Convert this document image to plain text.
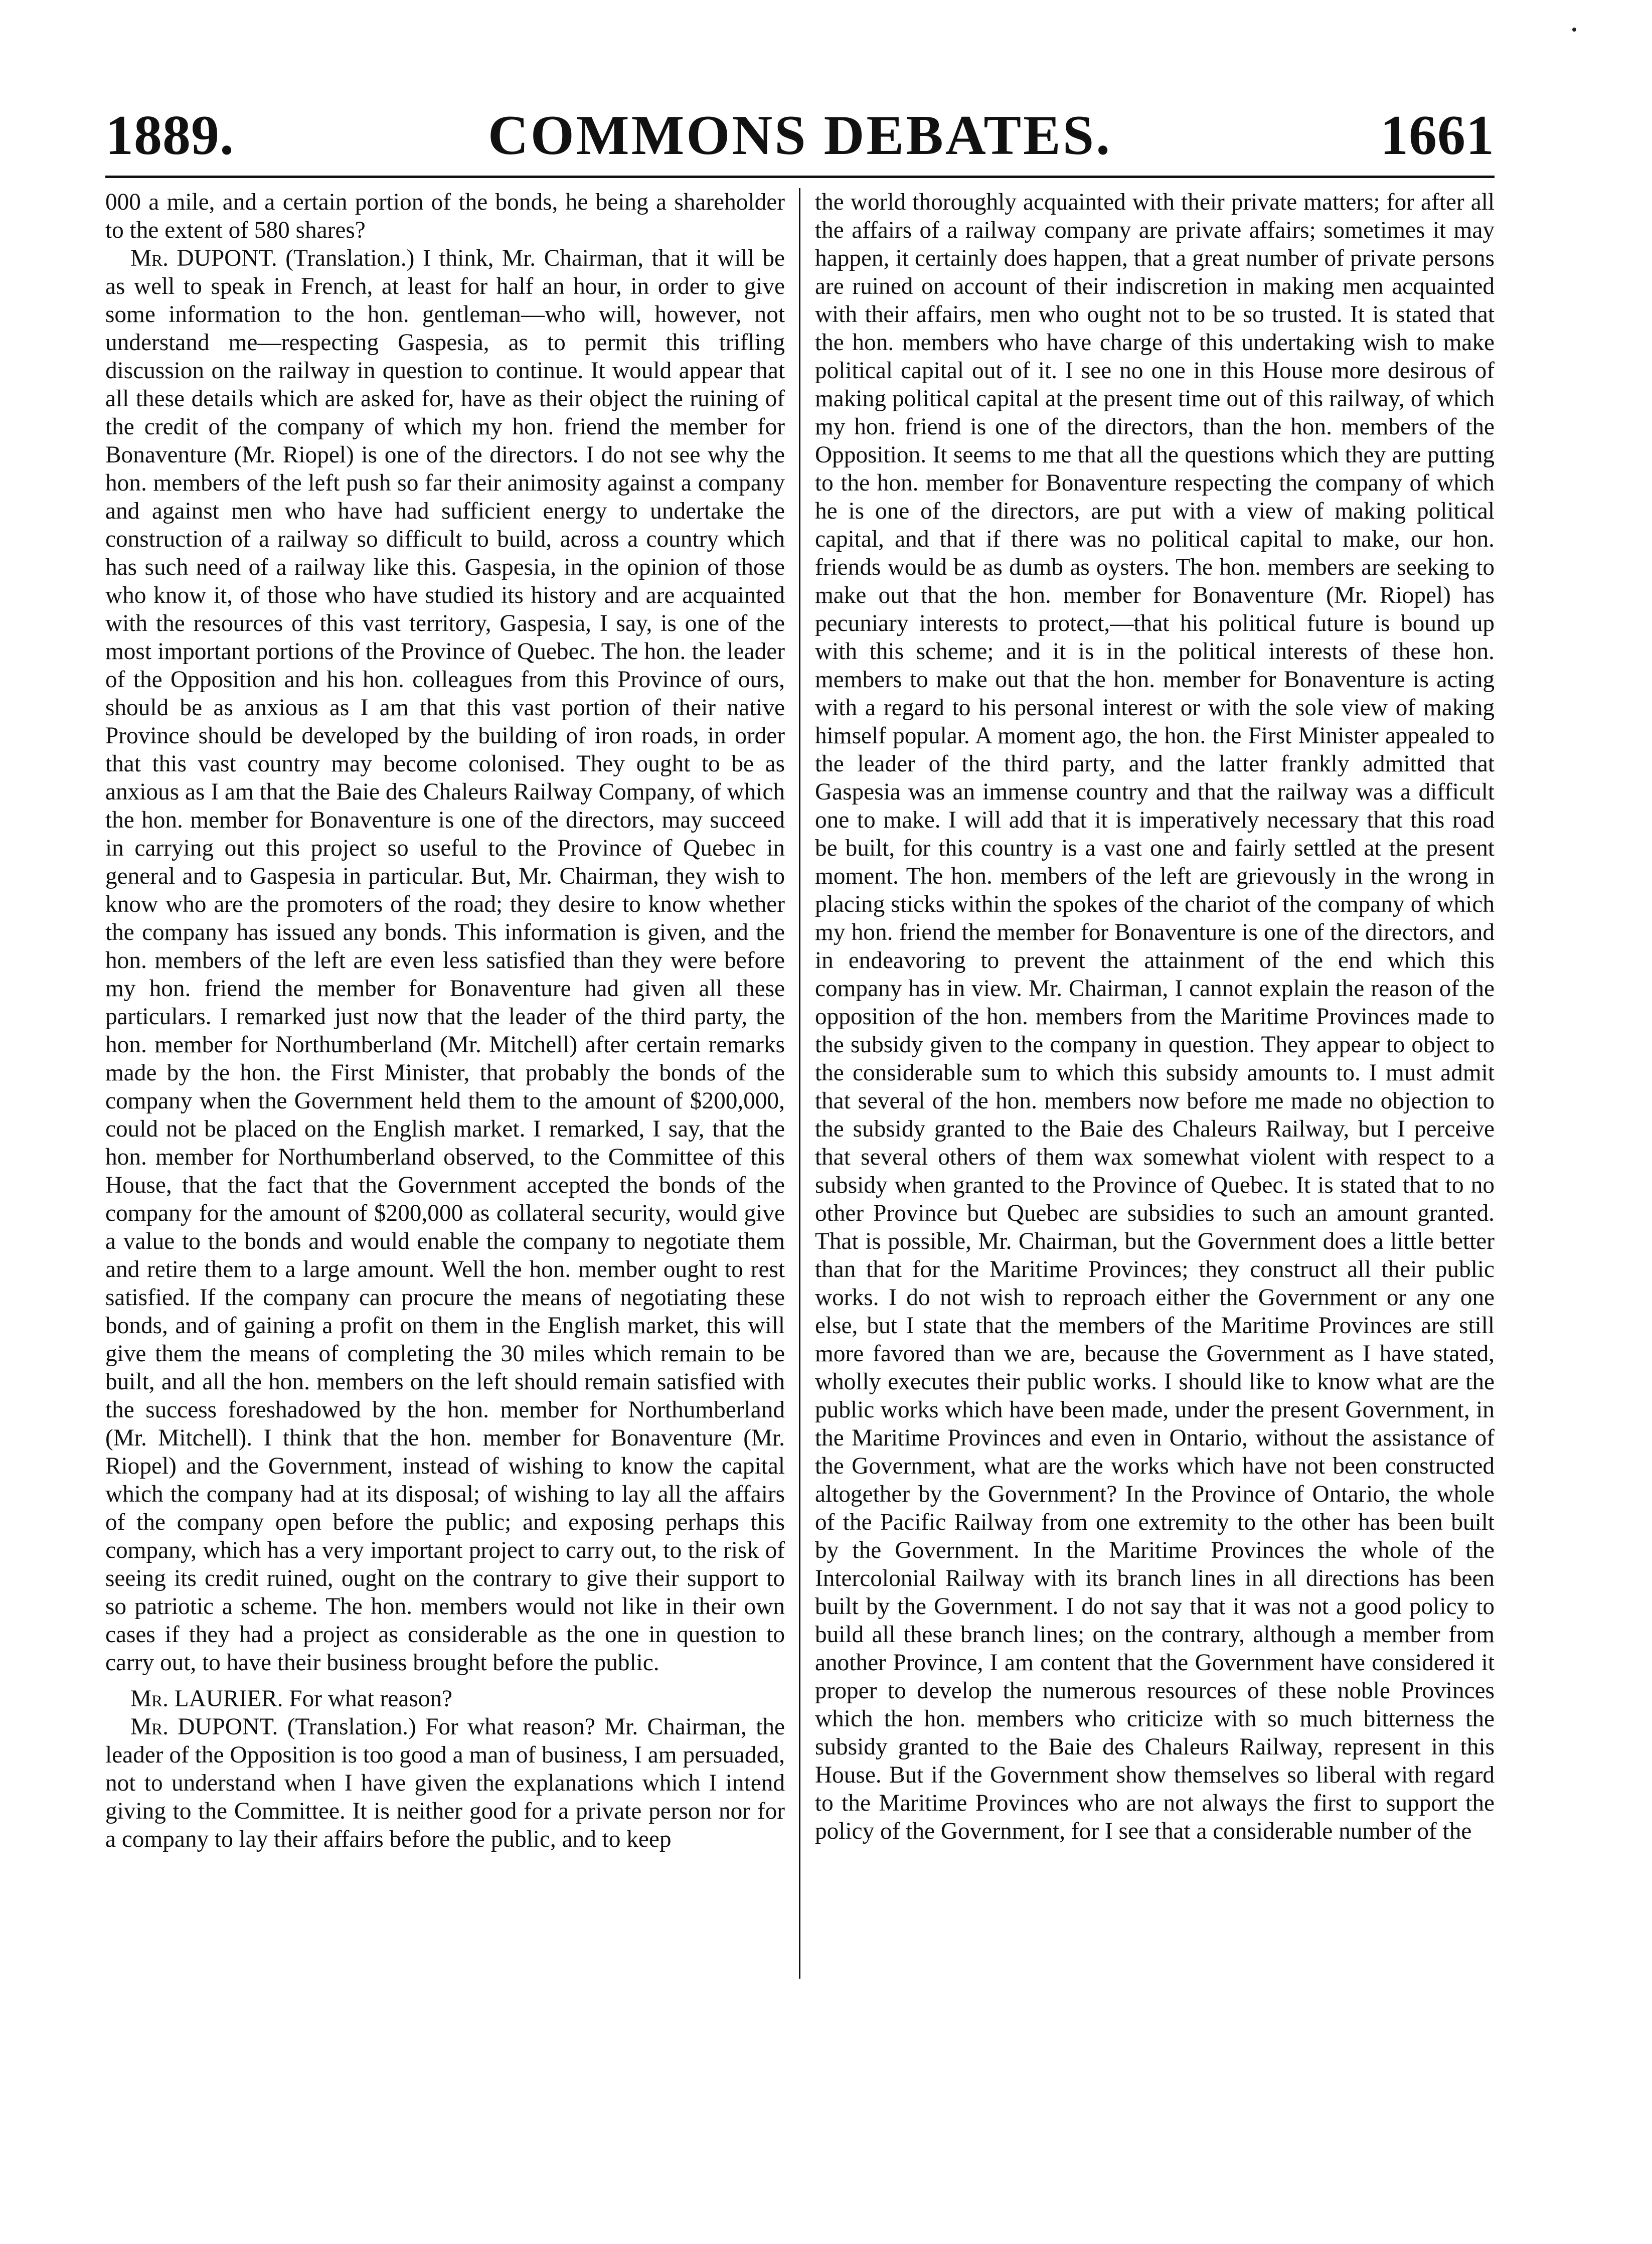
COMMONS DEBATES.
1889.	1661

000 a mile, and a certain portion of the bonds, he being a shareholder to the extent of 580 shares?

Mr. DUPONT. (Translation.) I think, Mr. Chairman, that it will be as well to speak in French, at least for half an hour, in order to give some information to the hon. gentleman—who will, however, not understand me—respecting Gaspesia, as to permit this trifling discussion on the railway in question to continue. It would appear that all these details which are asked for, have as their object the ruining of the credit of the company of which my hon. friend the member for Bonaventure (Mr. Riopel) is one of the directors. I do not see why the hon. members of the left push so far their animosity against a company and against men who have had sufficient energy to undertake the construction of a railway so difficult to build, across a country which has such need of a railway like this. Gaspesia, in the opinion of those who know it, of those who have studied its history and are acquainted with the resources of this vast territory, Gaspesia, I say, is one of the most important portions of the Province of Quebec. The hon. the leader of the Opposition and his hon. colleagues from this Province of ours, should be as anxious as I am that this vast portion of their native Province should be developed by the building of iron roads, in order that this vast country may become colonised. They ought to be as anxious as I am that the Baie des Chaleurs Railway Company, of which the hon. member for Bonaventure is one of the directors, may succeed in carrying out this project so useful to the Province of Quebec in general and to Gaspesia in particular. But, Mr. Chairman, they wish to know who are the promoters of the road; they desire to know whether the company has issued any bonds. This information is given, and the hon. members of the left are even less satisfied than they were before my hon. friend the member for Bonaventure had given all these particulars. I remarked just now that the leader of the third party, the hon. member for Northumberland (Mr. Mitchell) after certain remarks made by the hon. the First Minister, that probably the bonds of the company when the Government held them to the amount of $200,000, could not be placed on the English market. I remarked, I say, that the hon. member for Northumberland observed, to the Committee of this House, that the fact that the Government accepted the bonds of the company for the amount of $200,000 as collateral security, would give a value to the bonds and would enable the company to negotiate them and retire them to a large amount. Well the hon. member ought to rest satisfied. If the company can procure the means of negotiating these bonds, and of gaining a profit on them in the English market, this will give them the means of completing the 30 miles which remain to be built, and all the hon. members on the left should remain satisfied with the success foreshadowed by the hon. member for Northumberland (Mr. Mitchell). I think that the hon. member for Bonaventure (Mr. Riopel) and the Government, instead of wishing to know the capital which the company had at its disposal; of wishing to lay all the affairs of the company open before the public; and exposing perhaps this company, which has a very important project to carry out, to the risk of seeing its credit ruined, ought on the contrary to give their support to so patriotic a scheme. The hon. members would not like in their own cases if they had a project as considerable as the one in question to carry out, to have their business brought before the public.

Mr. LAURIER. For what reason?

Mr. DUPONT. (Translation.) For what reason? Mr. Chairman, the leader of the Opposition is too good a man of business, I am persuaded, not to understand when I have given the explanations which I intend giving to the Committee. It is neither good for a private person nor for a company to lay their affairs before the public, and to keep

the world thoroughly acquainted with their private matters; for after all the affairs of a railway company are private affairs; sometimes it may happen, it certainly does happen, that a great number of private persons are ruined on account of their indiscretion in making men acquainted with their affairs, men who ought not to be so trusted. It is stated that the hon. members who have charge of this undertaking wish to make political capital out of it. I see no one in this House more desirous of making political capital at the present time out of this railway, of which my hon. friend is one of the directors, than the hon. members of the Opposition. It seems to me that all the questions which they are putting to the hon. member for Bonaventure respecting the company of which he is one of the directors, are put with a view of making political capital, and that if there was no political capital to make, our hon. friends would be as dumb as oysters. The hon. members are seeking to make out that the hon. member for Bonaventure (Mr. Riopel) has pecuniary interests to protect,—that his political future is bound up with this scheme; and it is in the political interests of these hon. members to make out that the hon. member for Bonaventure is acting with a regard to his personal interest or with the sole view of making himself popular. A moment ago, the hon. the First Minister appealed to the leader of the third party, and the latter frankly admitted that Gaspesia was an immense country and that the railway was a difficult one to make. I will add that it is imperatively necessary that this road be built, for this country is a vast one and fairly settled at the present moment. The hon. members of the left are grievously in the wrong in placing sticks within the spokes of the chariot of the company of which my hon. friend the member for Bonaventure is one of the directors, and in endeavoring to prevent the attainment of the end which this company has in view. Mr. Chairman, I cannot explain the reason of the opposition of the hon. members from the Maritime Provinces made to the subsidy given to the company in question. They appear to object to the considerable sum to which this subsidy amounts to. I must admit that several of the hon. members now before me made no objection to the subsidy granted to the Baie des Chaleurs Railway, but I perceive that several others of them wax somewhat violent with respect to a subsidy when granted to the Province of Quebec. It is stated that to no other Province but Quebec are subsidies to such an amount granted. That is possible, Mr. Chairman, but the Government does a little better than that for the Maritime Provinces; they construct all their public works. I do not wish to reproach either the Government or any one else, but I state that the members of the Maritime Provinces are still more favored than we are, because the Government as I have stated, wholly executes their public works. I should like to know what are the public works which have been made, under the present Government, in the Maritime Provinces and even in Ontario, without the assistance of the Government, what are the works which have not been constructed altogether by the Government? In the Province of Ontario, the whole of the Pacific Railway from one extremity to the other has been built by the Government. In the Maritime Provinces the whole of the Intercolonial Railway with its branch lines in all directions has been built by the Government. I do not say that it was not a good policy to build all these branch lines; on the contrary, although a member from another Province, I am content that the Government have considered it proper to develop the numerous resources of these noble Provinces which the hon. members who criticize with so much bitterness the subsidy granted to the Baie des Chaleurs Railway, represent in this House. But if the Government show themselves so liberal with regard to the Maritime Provinces who are not always the first to support the policy of the Government, for I see that a considerable number of the
